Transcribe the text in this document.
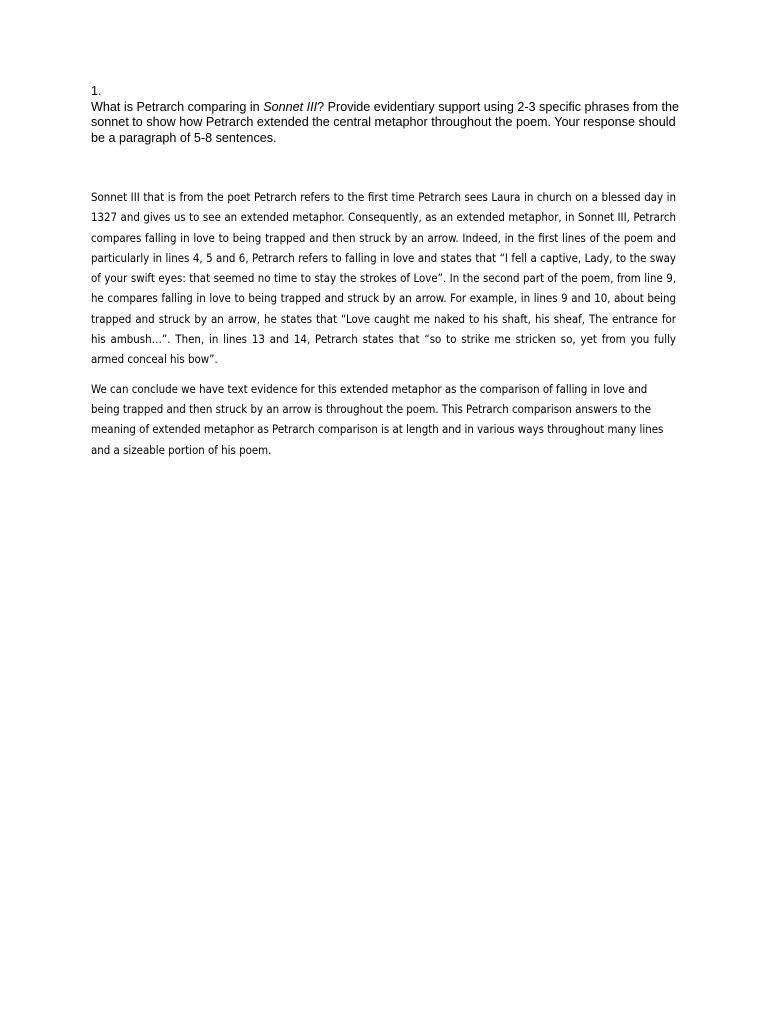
1.
What is Petrarch comparing in Sonnet III? Provide evidentiary support using 2-3 specific phrases from the sonnet to show how Petrarch extended the central metaphor throughout the poem. Your response should be a paragraph of 5-8 sentences.

Sonnet III that is from the poet Petrarch refers to the first time Petrarch sees Laura in church on a blessed day in 1327 and gives us to see an extended metaphor. Consequently, as an extended metaphor, in Sonnet III, Petrarch compares falling in love to being trapped and then struck by an arrow. Indeed, in the first lines of the poem and particularly in lines 4, 5 and 6, Petrarch refers to falling in love and states that “I fell a captive, Lady, to the sway of your swift eyes: that seemed no time to stay the strokes of Love”. In the second part of the poem, from line 9, he compares falling in love to being trapped and struck by an arrow. For example, in lines 9 and 10, about being trapped and struck by an arrow, he states that “Love caught me naked to his shaft, his sheaf, The entrance for his ambush…”. Then, in lines 13 and 14, Petrarch states that “so to strike me stricken so, yet from you fully armed conceal his bow”.

We can conclude we have text evidence for this extended metaphor as the comparison of falling in love and being trapped and then struck by an arrow is throughout the poem. This Petrarch comparison answers to the meaning of extended metaphor as Petrarch comparison is at length and in various ways throughout many lines and a sizeable portion of his poem.
